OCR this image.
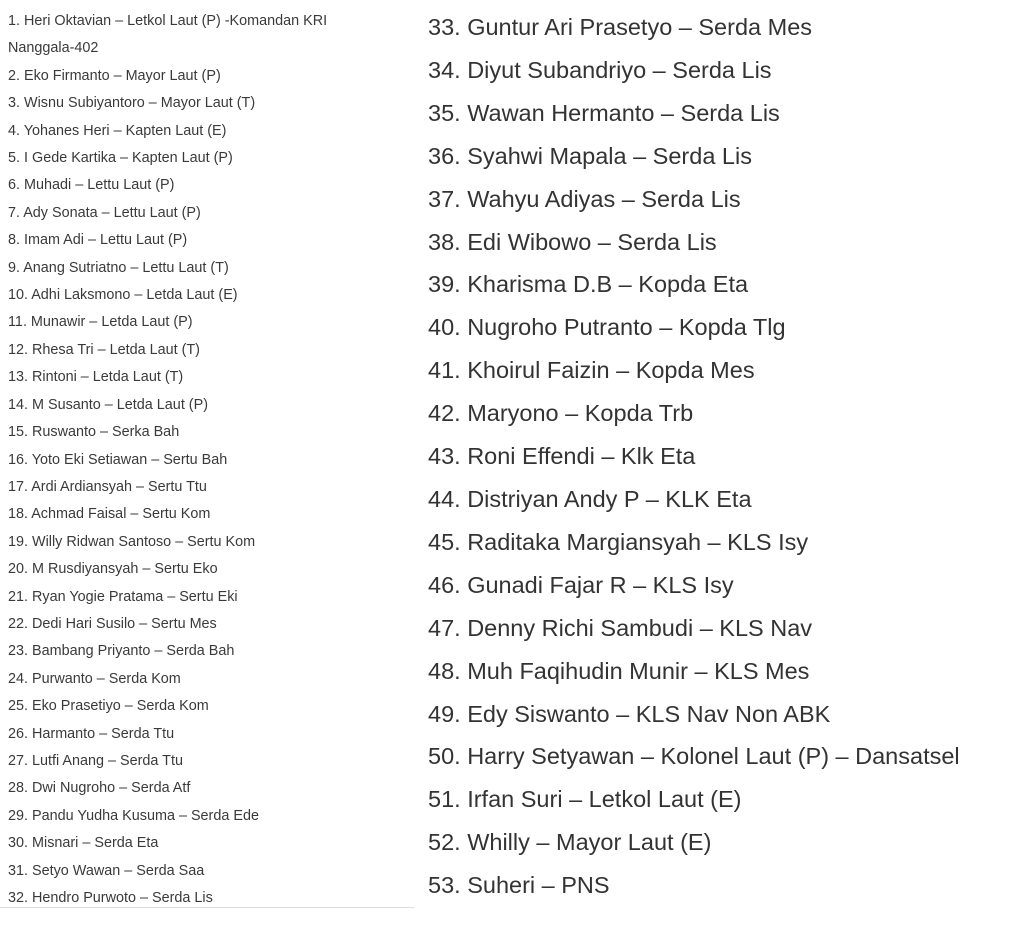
1. Heri Oktavian – Letkol Laut (P) -Komandan KRI Nanggala-402
2. Eko Firmanto – Mayor Laut (P)
3. Wisnu Subiyantoro – Mayor Laut (T)
4. Yohanes Heri – Kapten Laut (E)
5. I Gede Kartika – Kapten Laut (P)
6. Muhadi – Lettu Laut (P)
7. Ady Sonata – Lettu Laut (P)
8. Imam Adi – Lettu Laut (P)
9. Anang Sutriatno – Lettu Laut (T)
10. Adhi Laksmono – Letda Laut (E)
11. Munawir – Letda Laut (P)
12. Rhesa Tri – Letda Laut (T)
13. Rintoni – Letda Laut (T)
14. M Susanto – Letda Laut (P)
15. Ruswanto – Serka Bah
16. Yoto Eki Setiawan – Sertu Bah
17. Ardi Ardiansyah – Sertu Ttu
18. Achmad Faisal – Sertu Kom
19. Willy Ridwan Santoso – Sertu Kom
20. M Rusdiyansyah – Sertu Eko
21. Ryan Yogie Pratama – Sertu Eki
22. Dedi Hari Susilo – Sertu Mes
23. Bambang Priyanto – Serda Bah
24. Purwanto – Serda Kom
25. Eko Prasetiyo – Serda Kom
26. Harmanto – Serda Ttu
27. Lutfi Anang – Serda Ttu
28. Dwi Nugroho – Serda Atf
29. Pandu Yudha Kusuma – Serda Ede
30. Misnari – Serda Eta
31. Setyo Wawan – Serda Saa
32. Hendro Purwoto – Serda Lis
33. Guntur Ari Prasetyo – Serda Mes
34. Diyut Subandriyo – Serda Lis
35. Wawan Hermanto – Serda Lis
36. Syahwi Mapala – Serda Lis
37. Wahyu Adiyas – Serda Lis
38. Edi Wibowo – Serda Lis
39. Kharisma D.B – Kopda Eta
40. Nugroho Putranto – Kopda Tlg
41. Khoirul Faizin – Kopda Mes
42. Maryono – Kopda Trb
43. Roni Effendi – Klk Eta
44. Distriyan Andy P – KLK Eta
45. Raditaka Margiansyah – KLS Isy
46. Gunadi Fajar R – KLS Isy
47. Denny Richi Sambudi – KLS Nav
48. Muh Faqihudin Munir – KLS Mes
49. Edy Siswanto – KLS Nav Non ABK
50. Harry Setyawan – Kolonel Laut (P) – Dansatsel
51. Irfan Suri – Letkol Laut (E)
52. Whilly – Mayor Laut (E)
53. Suheri – PNS
